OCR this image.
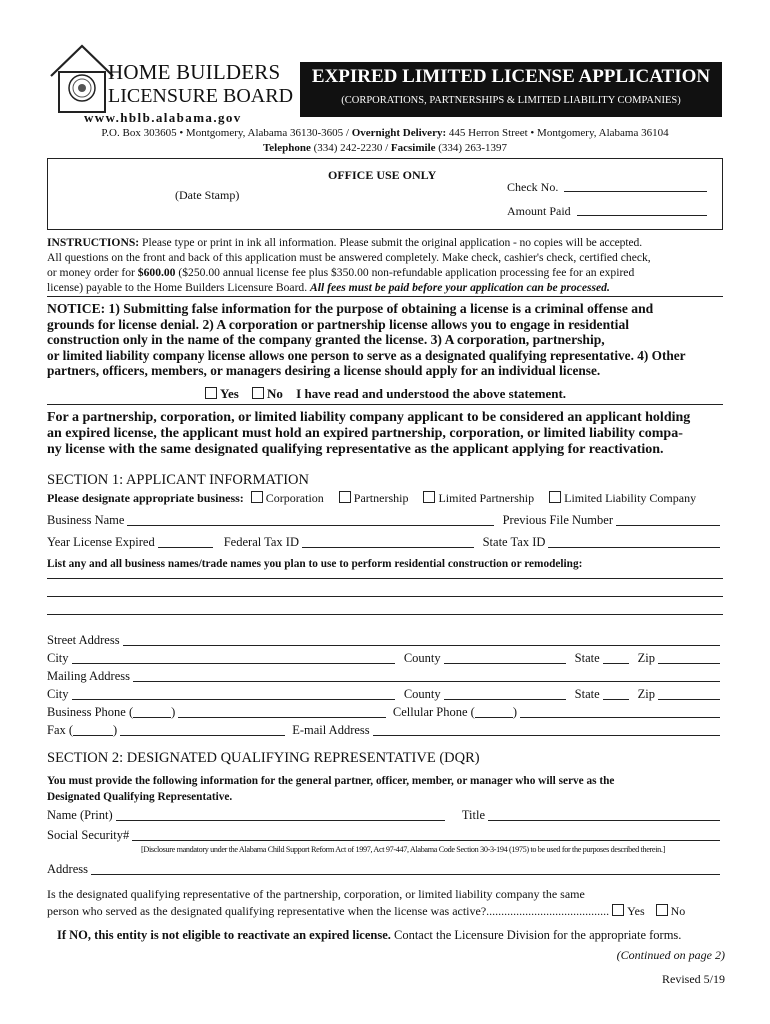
HOME BUILDERS
LICENSURE BOARD
www.hblb.alabama.gov
EXPIRED LIMITED LICENSE APPLICATION
(CORPORATIONS, PARTNERSHIPS & LIMITED LIABILITY COMPANIES)
P.O. Box 303605 • Montgomery, Alabama 36130-3605 / Overnight Delivery: 445 Herron Street • Montgomery, Alabama 36104
Telephone (334) 242-2230 / Facsimile (334) 263-1397
OFFICE USE ONLY
(Date Stamp)
Check No.
Amount Paid
INSTRUCTIONS: Please type or print in ink all information. Please submit the original application - no copies will be accepted.
All questions on the front and back of this application must be answered completely. Make check, cashier's check, certified check,
or money order for $600.00 ($250.00 annual license fee plus $350.00 non-refundable application processing fee for an expired
license) payable to the Home Builders Licensure Board. All fees must be paid before your application can be processed.
NOTICE: 1) Submitting false information for the purpose of obtaining a license is a criminal offense and
grounds for license denial. 2) A corporation or partnership license allows you to engage in residential
construction only in the name of the company granted the license. 3) A corporation, partnership,
or limited liability company license allows one person to serve as a designated qualifying representative. 4) Other
partners, officers, members, or managers desiring a license should apply for an individual license.
Yes No I have read and understood the above statement.
For a partnership, corporation, or limited liability company applicant to be considered an applicant holding
an expired license, the applicant must hold an expired partnership, corporation, or limited liability compa-
ny license with the same designated qualifying representative as the applicant applying for reactivation.
SECTION 1: APPLICANT INFORMATION
Please designate appropriate business: Corporation	Partnership	Limited Partnership	Limited Liability Company
Business Name	Previous File Number
Year License Expired	Federal Tax ID	State Tax ID
List any and all business names/trade names you plan to use to perform residential construction or remodeling:
Street Address
City	County	State	Zip
Mailing Address
City	County	State	Zip
Business Phone (	)	Cellular Phone (	)
Fax (	)	E-mail Address
SECTION 2: DESIGNATED QUALIFYING REPRESENTATIVE (DQR)
You must provide the following information for the general partner, officer, member, or manager who will serve as the
Designated Qualifying Representative.
Name (Print)	Title
Social Security#
[Disclosure mandatory under the Alabama Child Support Reform Act of 1997, Act 97-447, Alabama Code Section 30-3-194 (1975) to be used for the purposes described therein.]
Address
Is the designated qualifying representative of the partnership, corporation, or limited liability company the same
person who served as the designated qualifying representative when the license was active?......................................... Yes No
If NO, this entity is not eligible to reactivate an expired license. Contact the Licensure Division for the appropriate forms.
(Continued on page 2)
Revised 5/19
